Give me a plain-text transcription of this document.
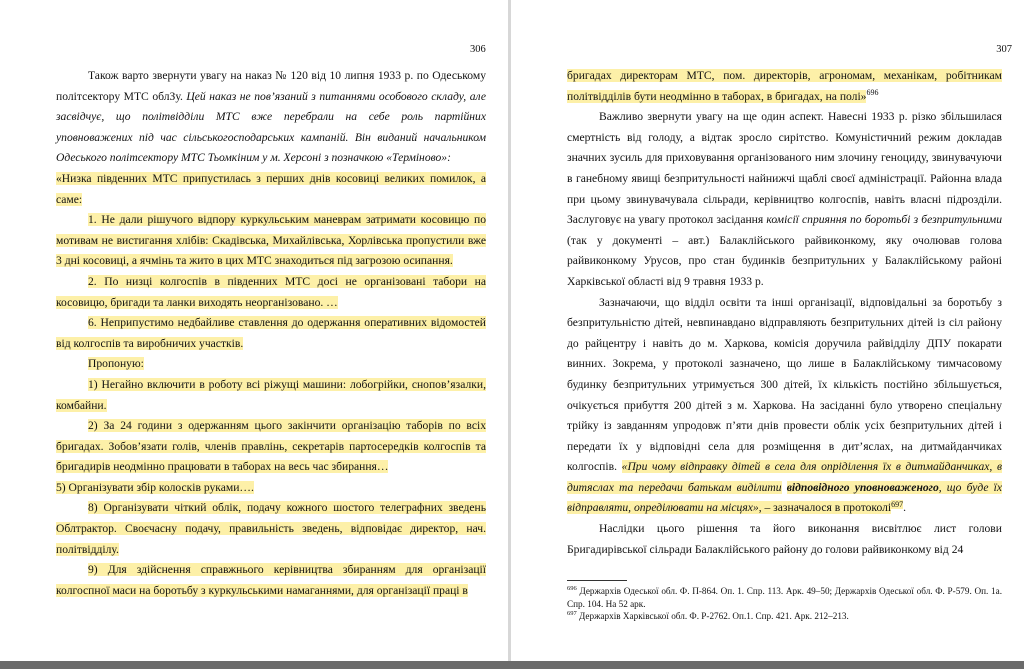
306

Також варто звернути увагу на наказ № 120 від 10 липня 1933 р. по Одеському політсектору МТС облЗу. Цей наказ не пов’язаний з питаннями особового складу, але засвідчує, що політвідділи МТС вже перебрали на себе роль партійних уповноважених під час сільськогосподарських кампаній. Він виданий начальником Одеського політсектору МТС Тьомкіним у м. Херсоні з позначкою «Терміново»:

«Низка південних МТС припустилась з перших днів косовиці великих помилок, а саме:

1. Не дали рішучого відпору куркульським маневрам затримати косовицю по мотивам не вистигання хлібів: Скадівська, Михайлівська, Хорлівська пропустили вже 3 дні косовиці, а ячмінь та жито в цих МТС знаходиться під загрозою осипання.

2. По низці колгоспів в південних МТС досі не організовані табори на косовицю, бригади та ланки виходять неорганізовано. …

6. Неприпустимо недбайливе ставлення до одержання оперативних відомостей від колгоспів та виробничих участків.

Пропоную:

1) Негайно включити в роботу всі ріжущі машини: лобогрійки, снопов’язалки, комбайни.

2) За 24 години з одержанням цього закінчити організацію таборів по всіх бригадах. Зобов’язати голів, членів правлінь, секретарів партосередків колгоспів та бригадирів неодмінно працювати в таборах на весь час збирання…

5) Організувати збір колосків руками….

8) Організувати чіткий облік, подачу кожного шостого телеграфних зведень Облтрактор. Своєчасну подачу, правильність зведень, відповідає директор, нач. політвідділу.

9) Для здійснення справжнього керівництва збиранням для організації колгоспної маси на боротьбу з куркульськими намаганнями, для організації праці в

307

бригадах директорам МТС, пом. директорів, агрономам, механікам, робітникам політвідділів бути неодмінно в таборах, в бригадах, на полі»$^{696}$

Важливо звернути увагу на ще один аспект. Навесні 1933 р. різко збільшилася смертність від голоду, а відтак зросло сирітство. Комуністичний режим докладав значних зусиль для приховування організованого ним злочину геноциду, звинувачуючи в ганебному явищі безпритульності найнижчі щаблі своєї адміністрації. Районна влада при цьому звинувачувала сільради, керівництво колгоспів, навіть власні підрозділи. Заслуговує на увагу протокол засідання комісії сприяння по боротьбі з безпритульними (так у документі – авт.) Балаклійського райвиконкому, яку очолював голова райвиконкому Урусов, про стан будинків безпритульних у Балаклійському районі Харківської області від 9 травня 1933 р.

Зазначаючи, що відділ освіти та інші організації, відповідальні за боротьбу з безпритульністю дітей, невпинавдано відправляють безпритульних дітей із сіл району до райцентру і навіть до м. Харкова, комісія доручила райвідділу ДПУ покарати винних. Зокрема, у протоколі зазначено, що лише в Балаклійському тимчасовому будинку безпритульних утримується 300 дітей, їх кількість постійно збільшується, очікується прибуття 200 дітей з м. Харкова. На засіданні було утворено спеціальну трійку із завданням упродовж п’яти днів провести облік усіх безпритульних дітей і передати їх у відповідні села для розміщення в дит’яслах, на дитмайданчиках колгоспів. «При чому відправку дітей в села для опріділення їх в дитмайданчиках, в дитяслах та передачи батькам виділити відповідного уповноваженого, що буде їх відправляти, опреділювати на місцях», – зазначалося в протоколі$^{697}$.

Наслідки цього рішення та його виконання висвітлює лист голови Бригадирівської сільради Балаклійського району до голови райвиконкому від 24

$^{696}$ Держархів Одеської обл. Ф. П-864. Оп. 1. Спр. 113. Арк. 49–50; Держархів Одеської обл. Ф. Р-579. Оп. 1а. Спр. 104. На 52 арк.

$^{697}$ Держархів Харківської обл. Ф. Р-2762. Оп.1. Спр. 421. Арк. 212–213.
